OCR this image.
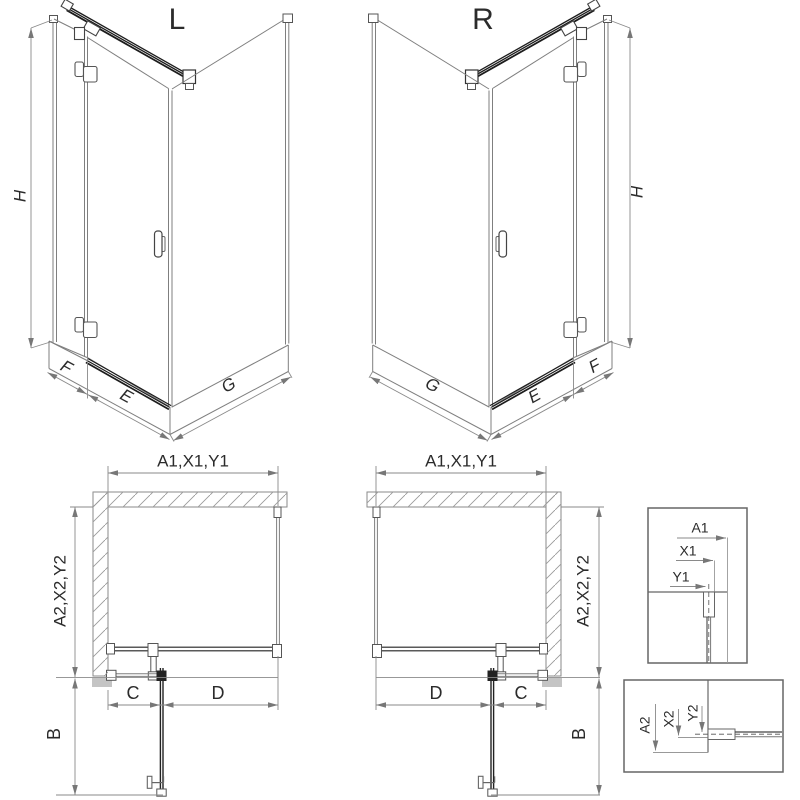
L
H
F
E	G
R
H
G	E
F
A1,X1,Y1
A2,X2,Y2
B
C	D
A1,X1,Y1
A2,X2,Y2
B
D	C
A1
X1
Y1
A2 X2 Y2
